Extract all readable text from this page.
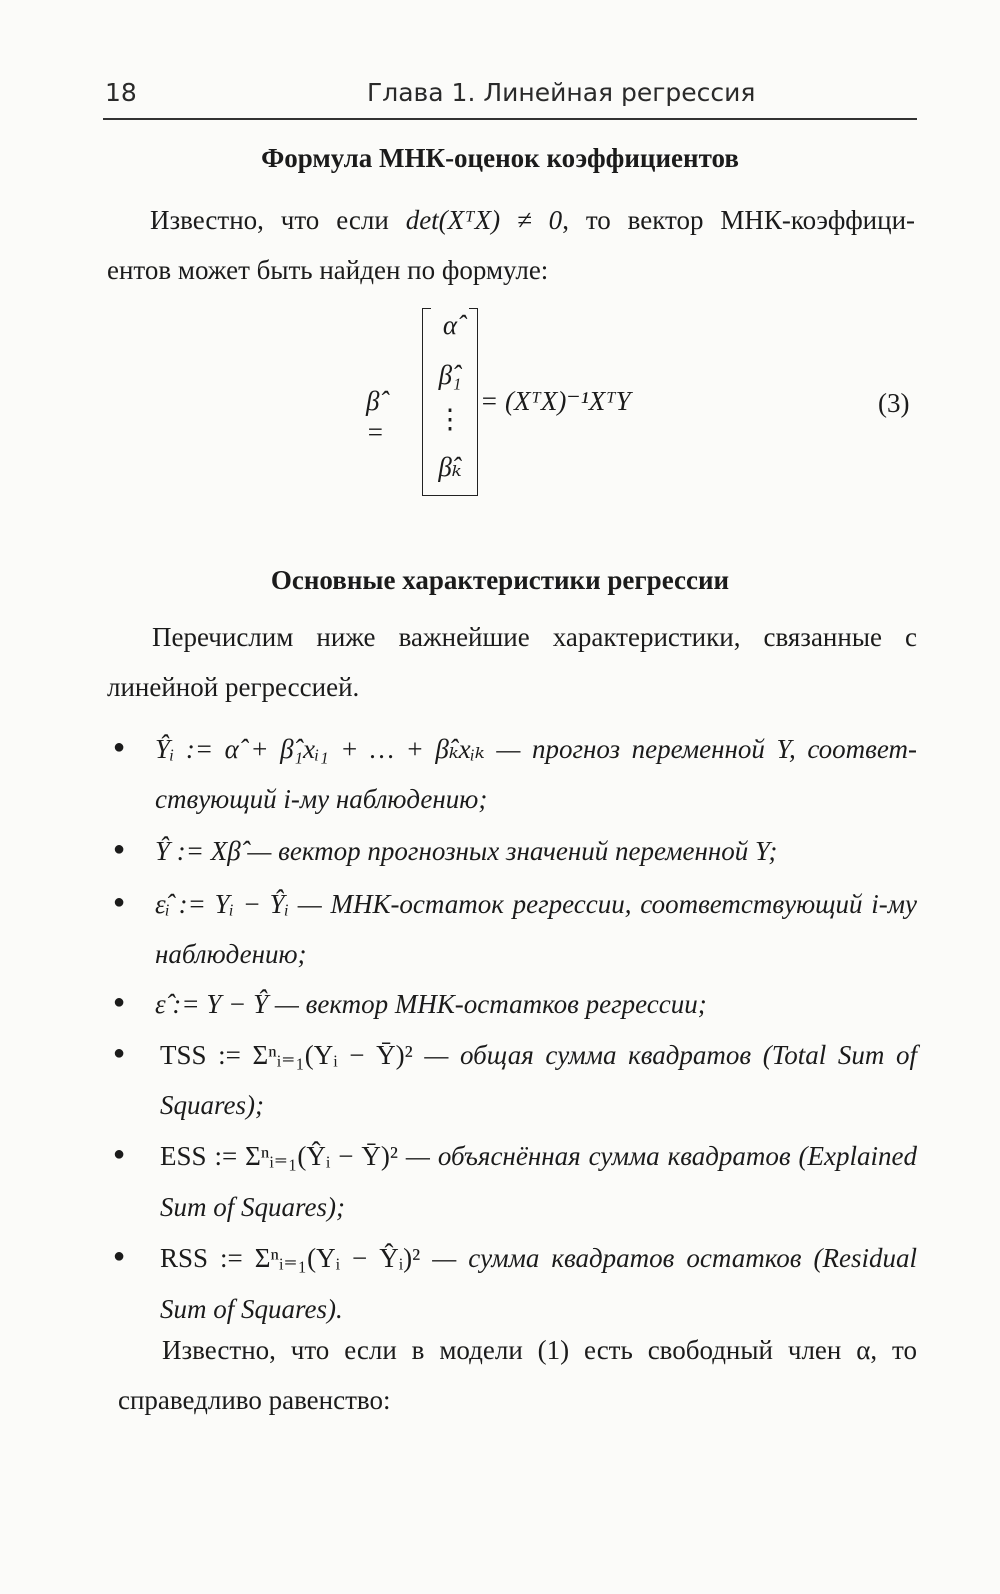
18	Глава 1. Линейная регрессия
Формула МНК-оценок коэффициентов
Известно, что если det(XᵀX) ≠ 0, то вектор МНК-коэффици-
ентов может быть найден по формуле:
β̂ =
α̂
β̂₁
⋮
β̂ₖ
= (XᵀX)⁻¹XᵀY	(3)
Основные характеристики регрессии
Перечислим ниже важнейшие характеристики, связанные с
линейной регрессией.
● Ŷᵢ := α̂ + β̂₁xᵢ₁ + … + β̂ₖxᵢₖ — прогноз переменной Y, соответ-
ствующий i-му наблюдению;
● Ŷ := Xβ̂ — вектор прогнозных значений переменной Y;
● ε̂ᵢ := Yᵢ − Ŷᵢ — МНК-остаток регрессии, соответствующий i-му
наблюдению;
● ε̂ := Y − Ŷ — вектор МНК-остатков регрессии;
● TSS := Σⁿᵢ₌₁(Yᵢ − Ȳ)² — общая сумма квадратов (Total Sum of
Squares);
● ESS := Σⁿᵢ₌₁(Ŷᵢ − Ȳ)² — объяснённая сумма квадратов (Explained
Sum of Squares);
● RSS := Σⁿᵢ₌₁(Yᵢ − Ŷᵢ)² — сумма квадратов остатков (Residual
Sum of Squares).
Известно, что если в модели (1) есть свободный член α, то
справедливо равенство:
